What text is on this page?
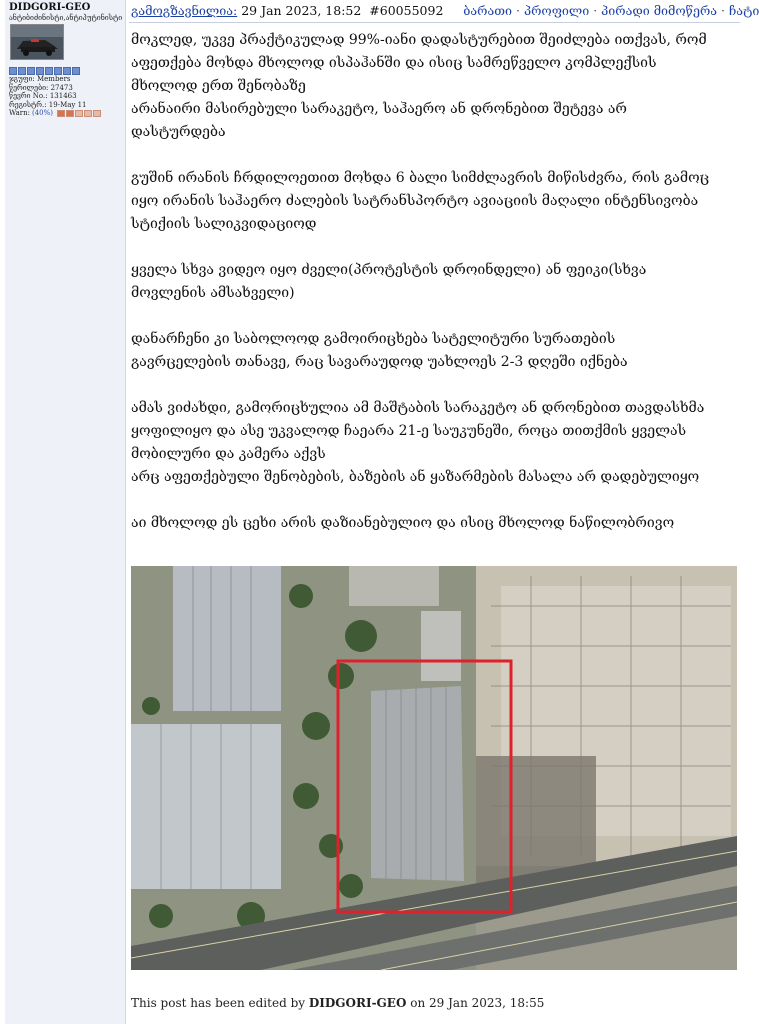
DIDGORI-GEO
ანტიბიძინისტი,ანტიპუტინისტი
ჯგუფი: Members
წერილები: 27473
წევრი No.: 131463
რეგისტრ.: 19-May 11
Warn: (40%)
გამოგზავნილია: 29 Jan 2023, 18:52 #60055092 ბარათი · პროფილი · პირადი მიმოწერა · ჩატი

მოკლედ, უკვე პრაქტიკულად 99%-იანი დადასტურებით შეიძლება ითქვას, რომ

აფეთქება მოხდა მხოლოდ ისპაჰანში და ისიც სამრეწველო კომპლექსის

მხოლოდ ერთ შენობაზე

არანაირი მასირებული სარაკეტო, საჰაერო ან დრონებით შეტევა არ

დასტურდება

გუშინ ირანის ჩრდილოეთით მოხდა 6 ბალი სიმძლავრის მიწისძვრა, რის გამოც

იყო ირანის საჰაერო ძალების სატრანსპორტო ავიაციის მაღალი ინტენსივობა

სტიქიის სალიკვიდაციოდ

ყველა სხვა ვიდეო იყო ძველი(პროტესტის დროინდელი) ან ფეიკი(სხვა

მოვლენის ამსახველი)

დანარჩენი კი საბოლოოდ გამოირიცხება სატელიტური სურათების

გავრცელების თანავე, რაც სავარაუდოდ უახლოეს 2-3 დღეში იქნება

ამას ვიძახდი, გამორიცხულია ამ მაშტაბის სარაკეტო ან დრონებით თავდასხმა

ყოფილიყო და ასე უკვალოდ ჩაეარა 21-ე საუკუნეში, როცა თითქმის ყველას

მობილური და კამერა აქვს

არც აფეთქებული შენობების, ბაზების ან ყაზარმების მასალა არ დადებულიყო

აი მხოლოდ ეს ცეხი არის დაზიანებულიო და ისიც მხოლოდ ნაწილობრივო

This post has been edited by DIDGORI-GEO on 29 Jan 2023, 18:55
